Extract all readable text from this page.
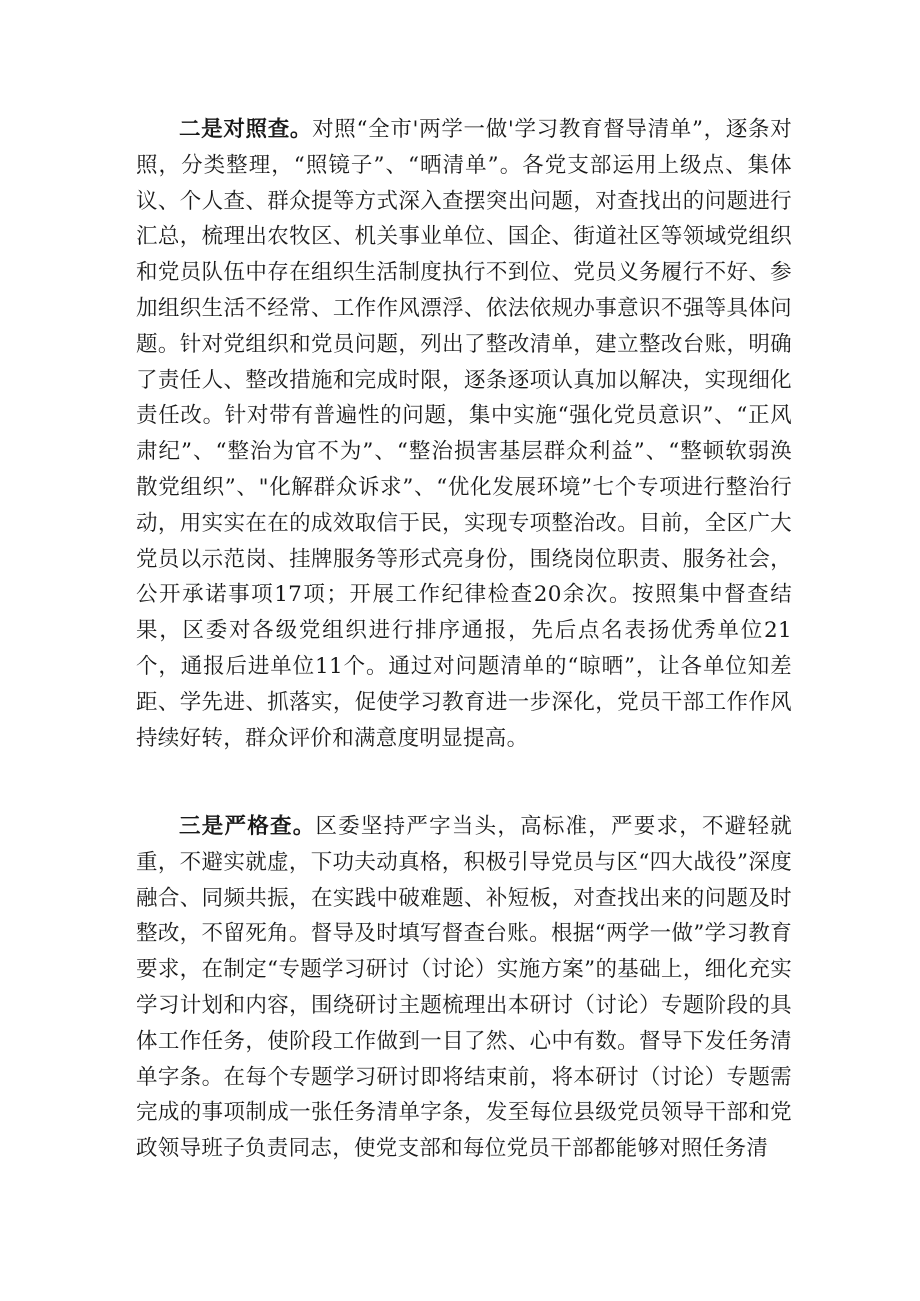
二是对照查。对照“全市'两学一做'学习教育督导清单”，逐条对照，分类整理，“照镜子”、“晒清单”。各党支部运用上级点、集体议、个人查、群众提等方式深入查摆突出问题，对查找出的问题进行汇总，梳理出农牧区、机关事业单位、国企、街道社区等领域党组织和党员队伍中存在组织生活制度执行不到位、党员义务履行不好、参加组织生活不经常、工作作风漂浮、依法依规办事意识不强等具体问题。针对党组织和党员问题，列出了整改清单，建立整改台账，明确了责任人、整改措施和完成时限，逐条逐项认真加以解决，实现细化责任改。针对带有普遍性的问题，集中实施“强化党员意识”、“正风肃纪”、“整治为官不为”、“整治损害基层群众利益”、“整顿软弱涣散党组织”、"化解群众诉求”、“优化发展环境”七个专项进行整治行动，用实实在在的成效取信于民，实现专项整治改。目前，全区广大党员以示范岗、挂牌服务等形式亮身份，围绕岗位职责、服务社会，公开承诺事项17项；开展工作纪律检查20余次。按照集中督查结果，区委对各级党组织进行排序通报，先后点名表扬优秀单位21个，通报后进单位11个。通过对问题清单的“晾晒”，让各单位知差距、学先进、抓落实，促使学习教育进一步深化，党员干部工作作风持续好转，群众评价和满意度明显提高。

三是严格查。区委坚持严字当头，高标准，严要求，不避轻就重，不避实就虚，下功夫动真格，积极引导党员与区“四大战役”深度融合、同频共振，在实践中破难题、补短板，对查找出来的问题及时整改，不留死角。督导及时填写督查台账。根据“两学一做”学习教育要求，在制定“专题学习研讨（讨论）实施方案”的基础上，细化充实学习计划和内容，围绕研讨主题梳理出本研讨（讨论）专题阶段的具体工作任务，使阶段工作做到一目了然、心中有数。督导下发任务清单字条。在每个专题学习研讨即将结束前，将本研讨（讨论）专题需完成的事项制成一张任务清单字条，发至每位县级党员领导干部和党政领导班子负责同志，使党支部和每位党员干部都能够对照任务清
